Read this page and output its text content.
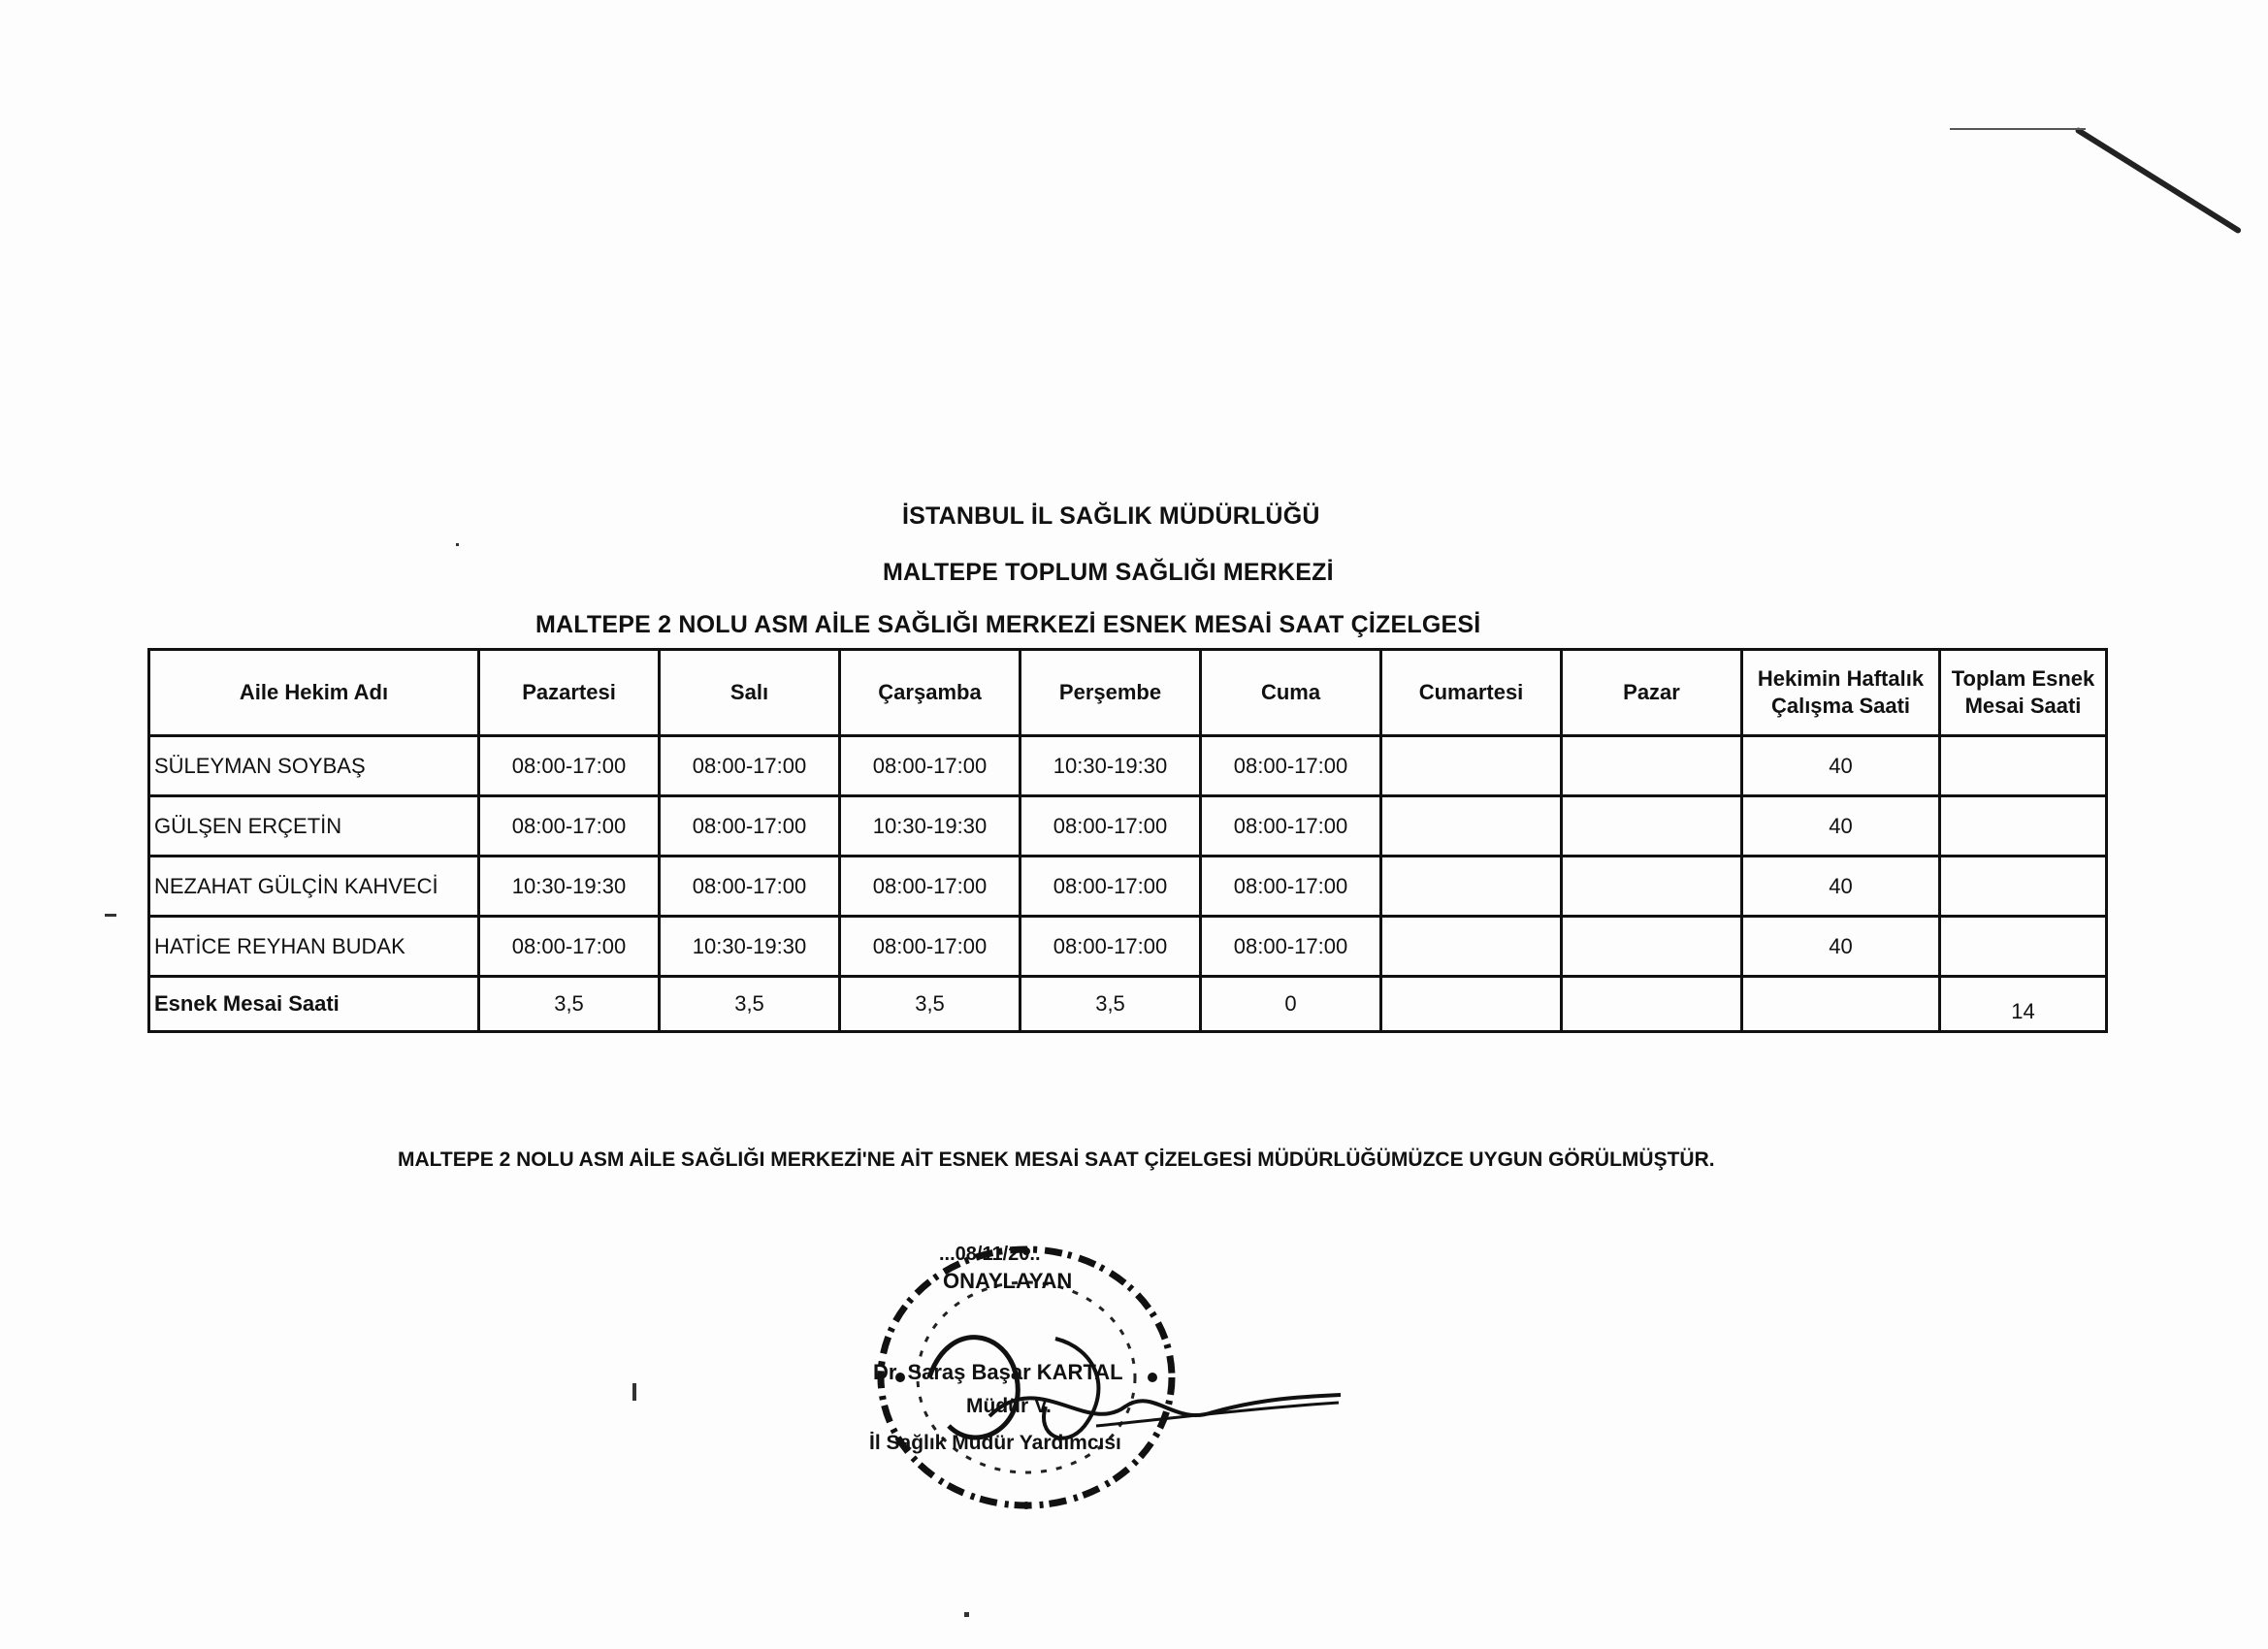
İSTANBUL İL SAĞLIK MÜDÜRLÜĞÜ
MALTEPE TOPLUM SAĞLIĞI MERKEZİ
MALTEPE 2 NOLU ASM AİLE SAĞLIĞI MERKEZİ ESNEK MESAİ SAAT ÇİZELGESİ
Aile Hekim Adı	Pazartesi	Salı	Çarşamba	Perşembe	Cuma	Cumartesi	Pazar	Hekimin Haftalık Çalışma Saati	Toplam Esnek Mesai Saati
SÜLEYMAN SOYBAŞ	08:00-17:00	08:00-17:00	08:00-17:00	10:30-19:30	08:00-17:00			40	
GÜLŞEN ERÇETİN	08:00-17:00	08:00-17:00	10:30-19:30	08:00-17:00	08:00-17:00			40	
NEZAHAT GÜLÇİN KAHVECİ	10:30-19:30	08:00-17:00	08:00-17:00	08:00-17:00	08:00-17:00			40	
HATİCE REYHAN BUDAK	08:00-17:00	10:30-19:30	08:00-17:00	08:00-17:00	08:00-17:00			40	
Esnek Mesai Saati	3,5	3,5	3,5	3,5	0				14
MALTEPE 2 NOLU ASM AİLE SAĞLIĞI MERKEZİ'NE AİT ESNEK MESAİ SAAT ÇİZELGESİ MÜDÜRLÜĞÜMÜZCE UYGUN GÖRÜLMÜŞTÜR.
...08/11/20..
ONAYLAYAN
Dr. Saraş Başar KARTAL
Müdür V.
İl Sağlık Müdür Yardımcısı
